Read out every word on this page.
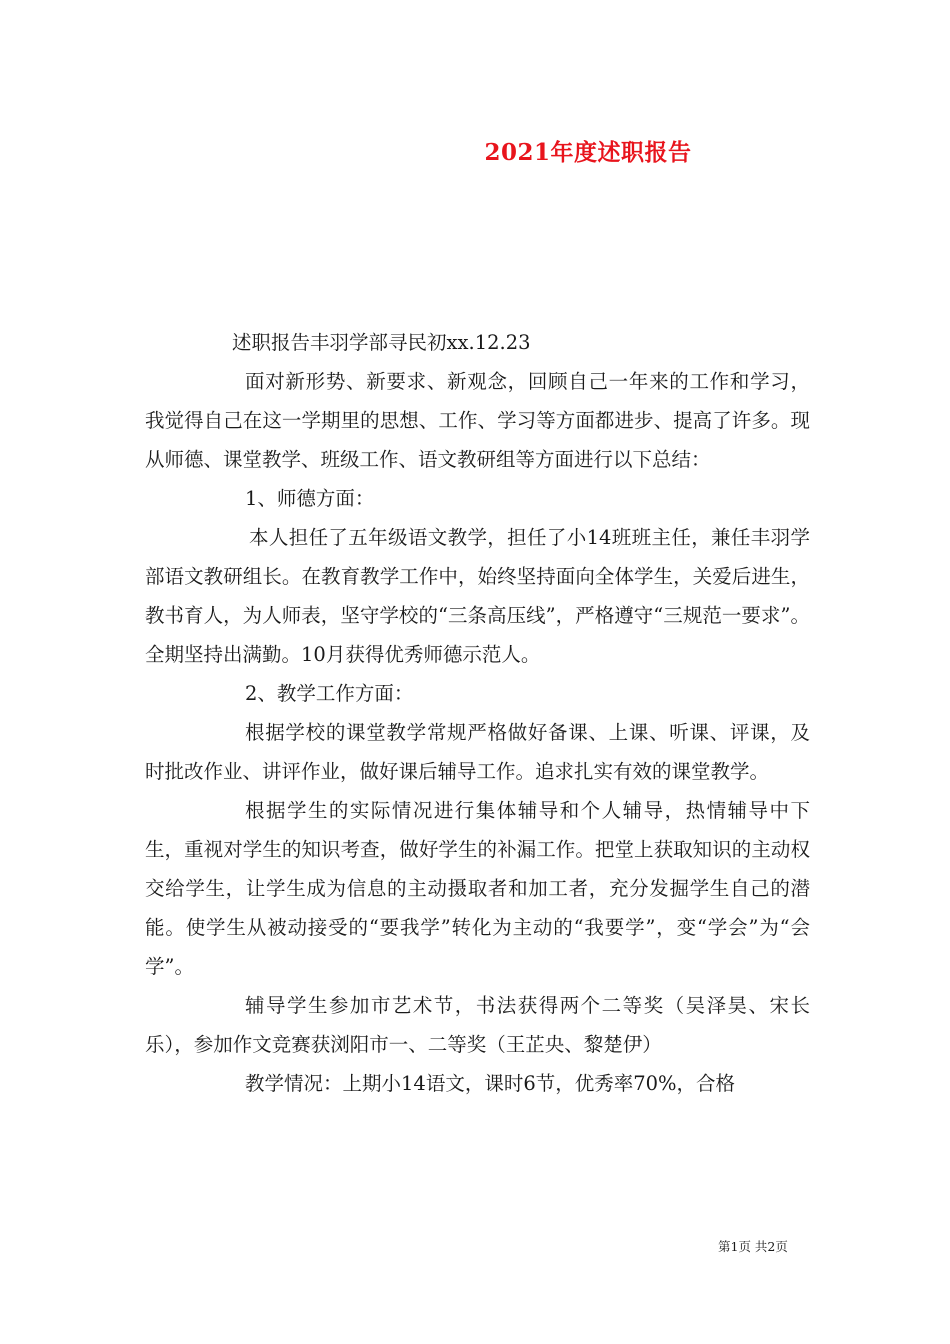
2021年度述职报告

述职报告丰羽学部寻民初xx.12.23

面对新形势、新要求、新观念，回顾自己一年来的工作和学习，我觉得自己在这一学期里的思想、工作、学习等方面都进步、提高了许多。现从师德、课堂教学、班级工作、语文教研组等方面进行以下总结：

1、师德方面：

本人担任了五年级语文教学，担任了小14班班主任，兼任丰羽学部语文教研组长。在教育教学工作中，始终坚持面向全体学生，关爱后进生，教书育人，为人师表，坚守学校的“三条高压线”，严格遵守“三规范一要求”。全期坚持出满勤。10月获得优秀师德示范人。

2、教学工作方面：

根据学校的课堂教学常规严格做好备课、上课、听课、评课，及时批改作业、讲评作业，做好课后辅导工作。追求扎实有效的课堂教学。

根据学生的实际情况进行集体辅导和个人辅导，热情辅导中下生，重视对学生的知识考查，做好学生的补漏工作。把堂上获取知识的主动权交给学生，让学生成为信息的主动摄取者和加工者，充分发掘学生自己的潜能。使学生从被动接受的“要我学”转化为主动的“我要学”，变“学会”为“会学”。

辅导学生参加市艺术节，书法获得两个二等奖（吴泽昊、宋长乐），参加作文竞赛获浏阳市一、二等奖（王芷央、黎楚伊）

教学情况：上期小14语文，课时6节，优秀率70%，合格

第1页 共2页
